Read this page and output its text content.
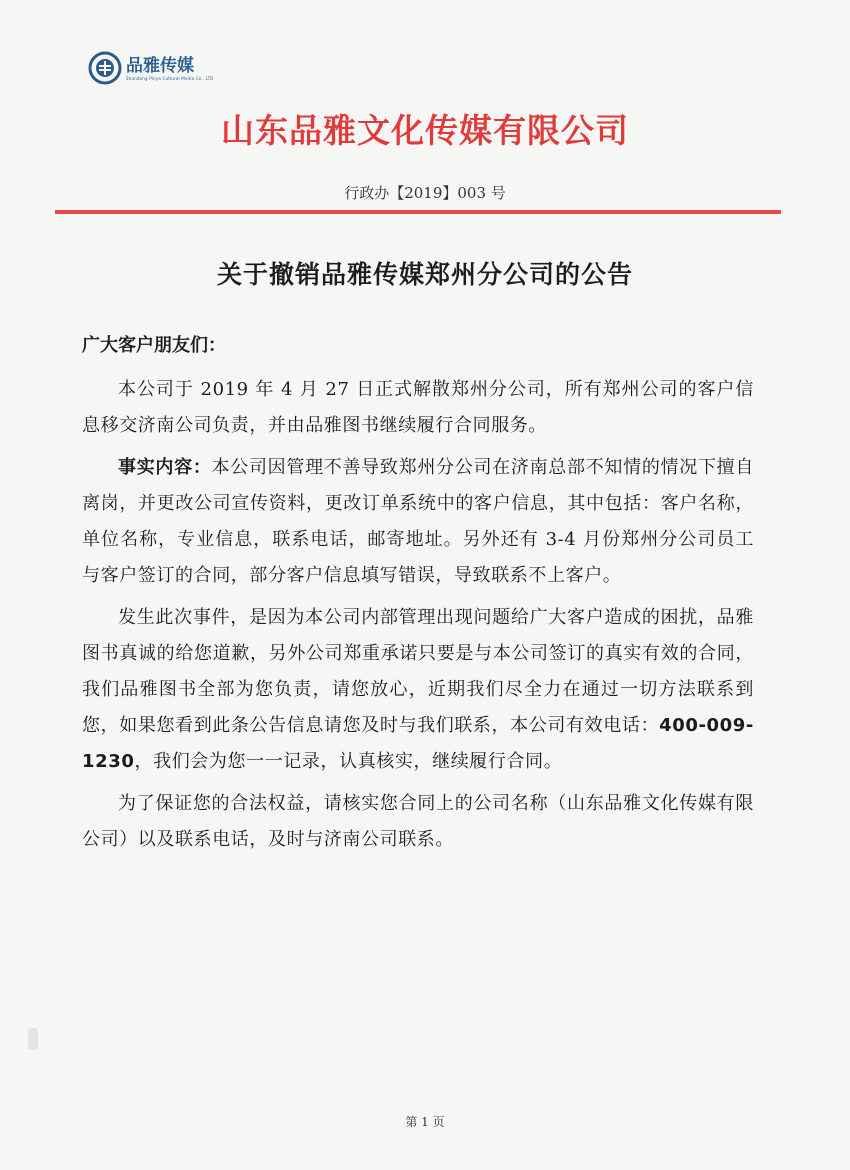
品雅传媒
Shandong Pinya Cultural Media Co., LTD
山东品雅文化传媒有限公司
行政办【2019】003 号
关于撤销品雅传媒郑州分公司的公告

广大客户朋友们：

本公司于 2019 年 4 月 27 日正式解散郑州分公司，所有郑州公司的客户信息移交济南公司负责，并由品雅图书继续履行合同服务。

事实内容：本公司因管理不善导致郑州分公司在济南总部不知情的情况下擅自离岗，并更改公司宣传资料，更改订单系统中的客户信息，其中包括：客户名称，单位名称，专业信息，联系电话，邮寄地址。另外还有 3-4 月份郑州分公司员工与客户签订的合同，部分客户信息填写错误，导致联系不上客户。

发生此次事件，是因为本公司内部管理出现问题给广大客户造成的困扰，品雅图书真诚的给您道歉，另外公司郑重承诺只要是与本公司签订的真实有效的合同，我们品雅图书全部为您负责，请您放心，近期我们尽全力在通过一切方法联系到您，如果您看到此条公告信息请您及时与我们联系，本公司有效电话：400-009-1230，我们会为您一一记录，认真核实，继续履行合同。

为了保证您的合法权益，请核实您合同上的公司名称（山东品雅文化传媒有限公司）以及联系电话，及时与济南公司联系。

第 1 页
